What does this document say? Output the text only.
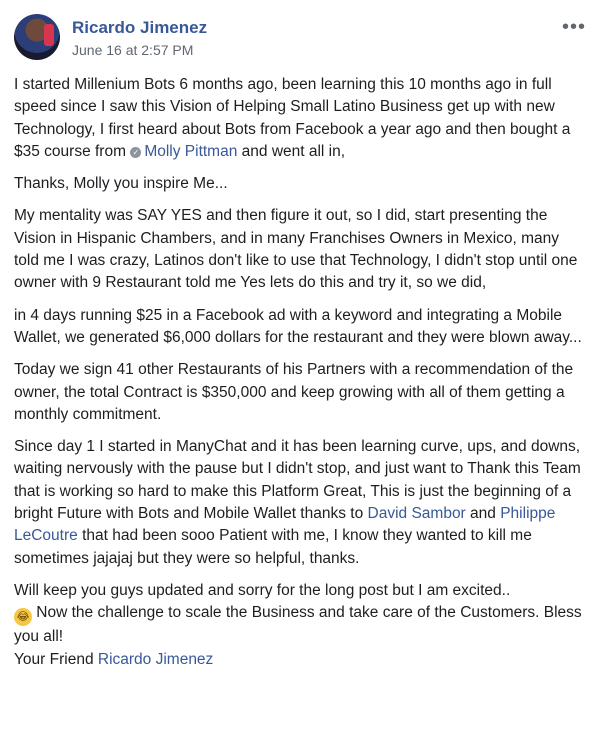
Ricardo Jimenez
June 16 at 2:57 PM
•••

I started Millenium Bots 6 months ago, been learning this 10 months ago in full speed since I saw this Vision of Helping Small Latino Business get up with new Technology, I first heard about Bots from Facebook a year ago and then bought a $35 course from ✓ Molly Pittman and went all in,

Thanks, Molly you inspire Me...

My mentality was SAY YES and then figure it out, so I did, start presenting the Vision in Hispanic Chambers, and in many Franchises Owners in Mexico, many told me I was crazy, Latinos don't like to use that Technology, I didn't stop until one owner with 9 Restaurant told me Yes lets do this and try it, so we did,

in 4 days running $25 in a Facebook ad with a keyword and integrating a Mobile Wallet, we generated $6,000 dollars for the restaurant and they were blown away...

Today we sign 41 other Restaurants of his Partners with a recommendation of the owner, the total Contract is $350,000 and keep growing with all of them getting a monthly commitment.

Since day 1 I started in ManyChat and it has been learning curve, ups, and downs, waiting nervously with the pause but I didn't stop, and just want to Thank this Team that is working so hard to make this Platform Great, This is just the beginning of a bright Future with Bots and Mobile Wallet thanks to David Sambor and Philippe LeCoutre that had been sooo Patient with me, I know they wanted to kill me sometimes jajajaj but they were so helpful, thanks.

Will keep you guys updated and sorry for the long post but I am excited..
😂 Now the challenge to scale the Business and take care of the Customers. Bless you all!
Your Friend Ricardo Jimenez
